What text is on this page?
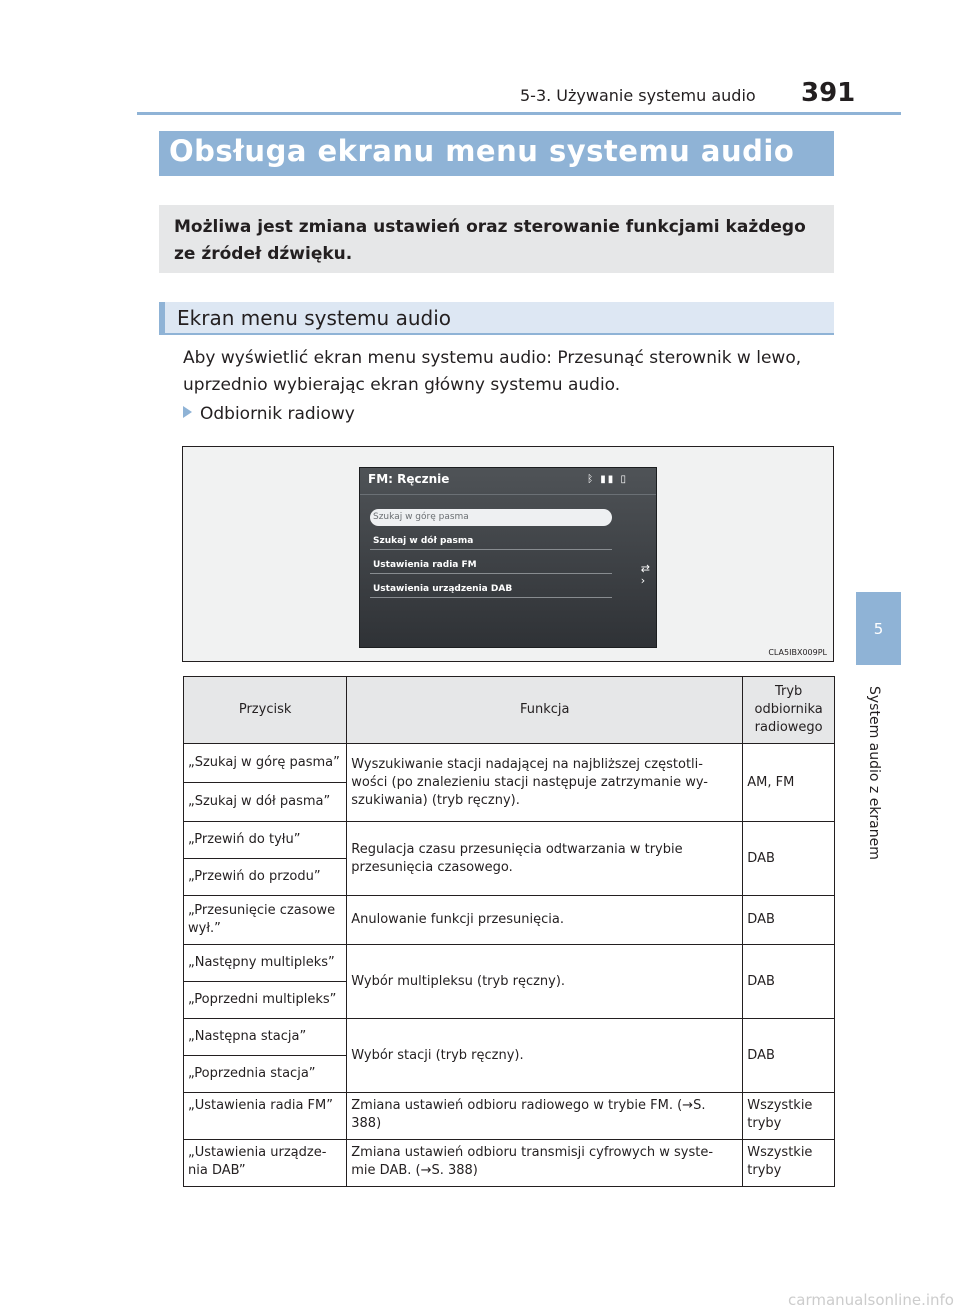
5-3. Używanie systemu audio 391
5
System audio z ekranem
Obsługa ekranu menu systemu audio
Możliwa jest zmiana ustawień oraz sterowanie funkcjami każdego ze źródeł dźwięku.
Ekran menu systemu audio
Aby wyświetlić ekran menu systemu audio: Przesunąć sterownik w lewo, uprzednio wybierając ekran główny systemu audio.
Odbiornik radiowy
FM: Ręcznie	ᛒ ▮▮ ▯
Szukaj w górę pasma
Szukaj w dół pasma
Ustawienia radia FM
Ustawienia urządzenia DAB
⇄
›
CLA5IBX009PL
Przycisk	Funkcja	Tryb odbiornika radiowego
„Szukaj w górę pasma”	Wyszukiwanie stacji nadającej na najbliższej częstotli- wości (po znalezieniu stacji następuje zatrzymanie wy- szukiwania) (tryb ręczny).	AM, FM
„Szukaj w dół pasma”		
„Przewiń do tyłu”	Regulacja czasu przesunięcia odtwarzania w trybie przesunięcia czasowego.	DAB
„Przewiń do przodu”		
„Przesunięcie czasowe wył.”	Anulowanie funkcji przesunięcia.	DAB
„Następny multipleks”	Wybór multipleksu (tryb ręczny).	DAB
„Poprzedni multipleks”		
„Następna stacja”	Wybór stacji (tryb ręczny).	DAB
„Poprzednia stacja”		
„Ustawienia radia FM”	Zmiana ustawień odbioru radiowego w trybie FM. (→S. 388)	Wszystkie tryby
„Ustawienia urządze- nia DAB”	Zmiana ustawień odbioru transmisji cyfrowych w syste- mie DAB. (→S. 388)	Wszystkie tryby
carmanualsonline.info
